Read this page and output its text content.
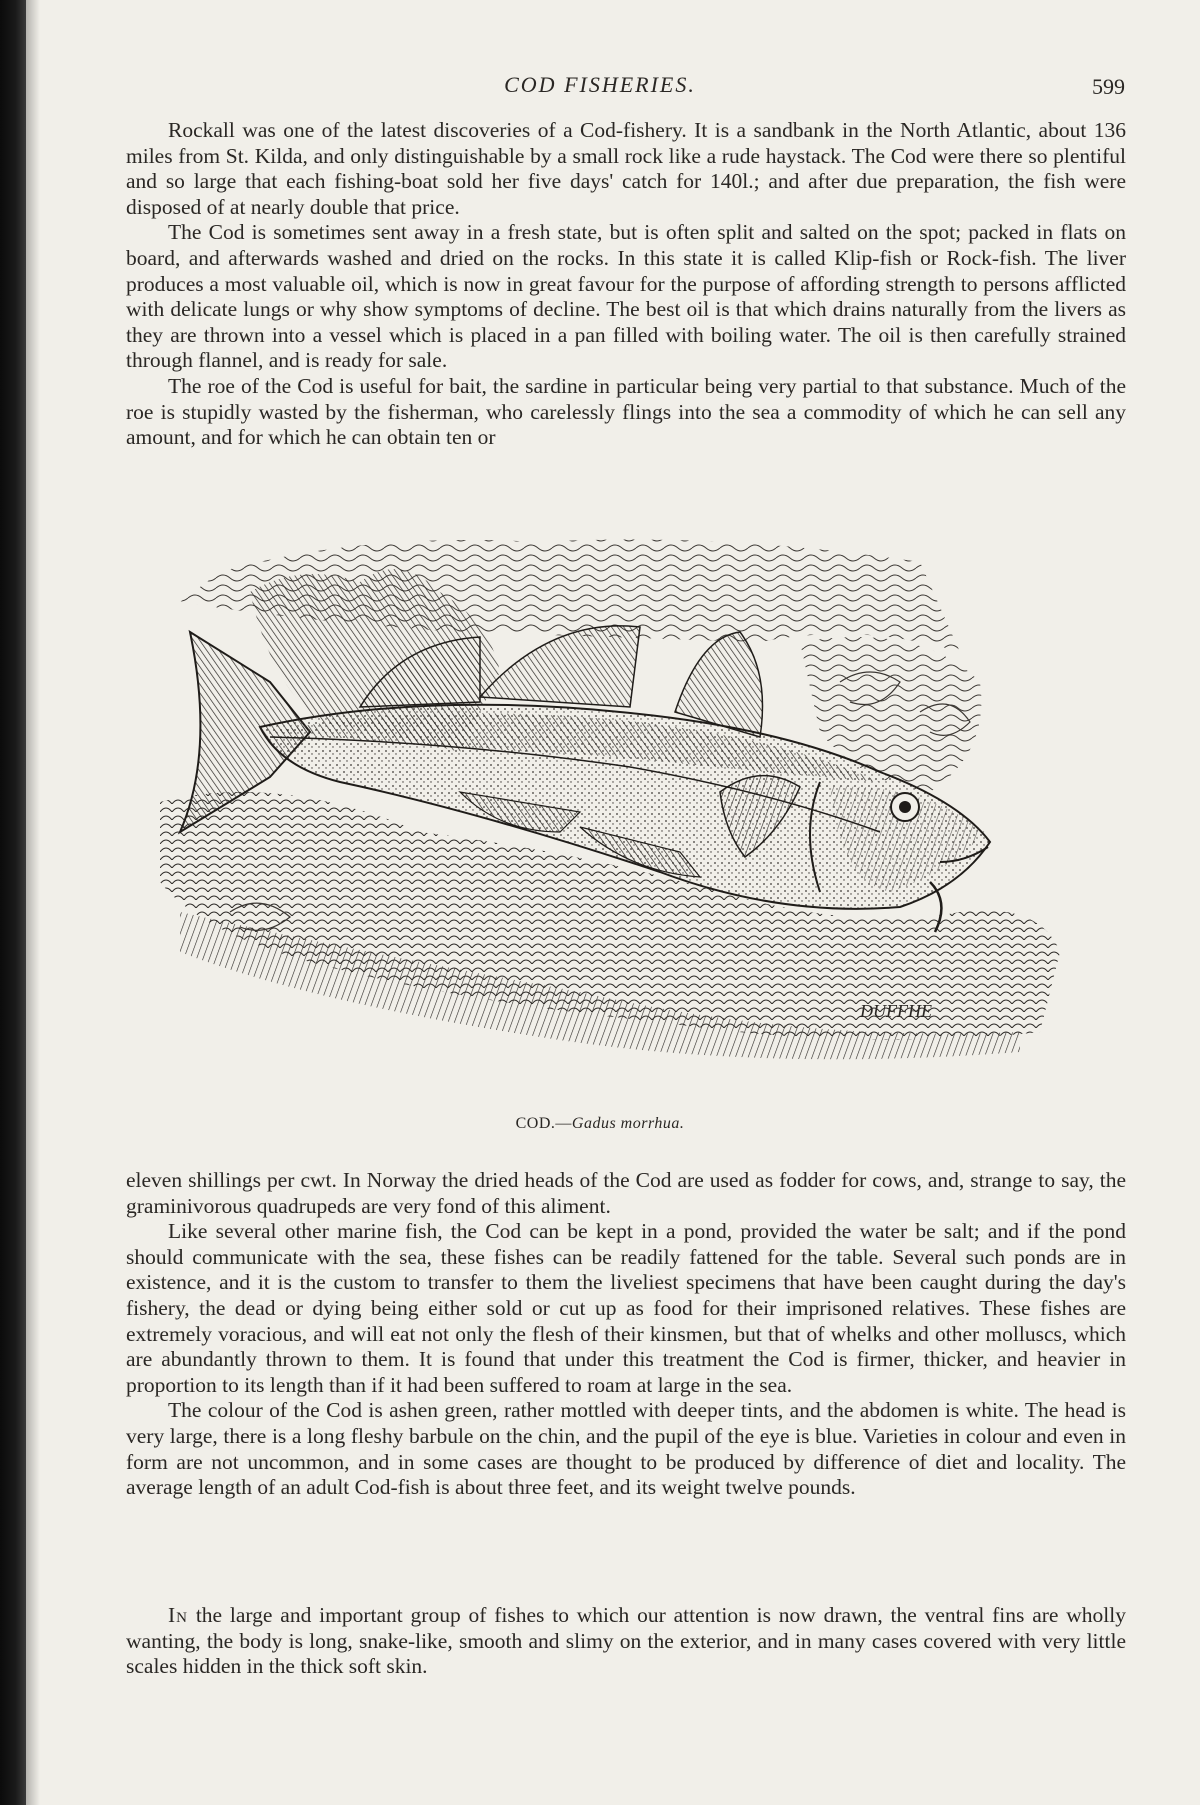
COD FISHERIES.	599

Rockall was one of the latest discoveries of a Cod-fishery. It is a sandbank in the North Atlantic, about 136 miles from St. Kilda, and only distinguishable by a small rock like a rude haystack. The Cod were there so plentiful and so large that each fishing-boat sold her five days' catch for 140l.; and after due preparation, the fish were disposed of at nearly double that price.

The Cod is sometimes sent away in a fresh state, but is often split and salted on the spot; packed in flats on board, and afterwards washed and dried on the rocks. In this state it is called Klip-fish or Rock-fish. The liver produces a most valuable oil, which is now in great favour for the purpose of affording strength to persons afflicted with delicate lungs or why show symptoms of decline. The best oil is that which drains naturally from the livers as they are thrown into a vessel which is placed in a pan filled with boiling water. The oil is then carefully strained through flannel, and is ready for sale.

The roe of the Cod is useful for bait, the sardine in particular being very partial to that substance. Much of the roe is stupidly wasted by the fisherman, who carelessly flings into the sea a commodity of which he can sell any amount, and for which he can obtain ten or

DUFFHE
COD.—Gadus morrhua.

eleven shillings per cwt. In Norway the dried heads of the Cod are used as fodder for cows, and, strange to say, the graminivorous quadrupeds are very fond of this aliment.

Like several other marine fish, the Cod can be kept in a pond, provided the water be salt; and if the pond should communicate with the sea, these fishes can be readily fattened for the table. Several such ponds are in existence, and it is the custom to transfer to them the liveliest specimens that have been caught during the day's fishery, the dead or dying being either sold or cut up as food for their imprisoned relatives. These fishes are extremely voracious, and will eat not only the flesh of their kinsmen, but that of whelks and other molluscs, which are abundantly thrown to them. It is found that under this treatment the Cod is firmer, thicker, and heavier in proportion to its length than if it had been suffered to roam at large in the sea.

The colour of the Cod is ashen green, rather mottled with deeper tints, and the abdomen is white. The head is very large, there is a long fleshy barbule on the chin, and the pupil of the eye is blue. Varieties in colour and even in form are not uncommon, and in some cases are thought to be produced by difference of diet and locality. The average length of an adult Cod-fish is about three feet, and its weight twelve pounds.

In the large and important group of fishes to which our attention is now drawn, the ventral fins are wholly wanting, the body is long, snake-like, smooth and slimy on the exterior, and in many cases covered with very little scales hidden in the thick soft skin.
